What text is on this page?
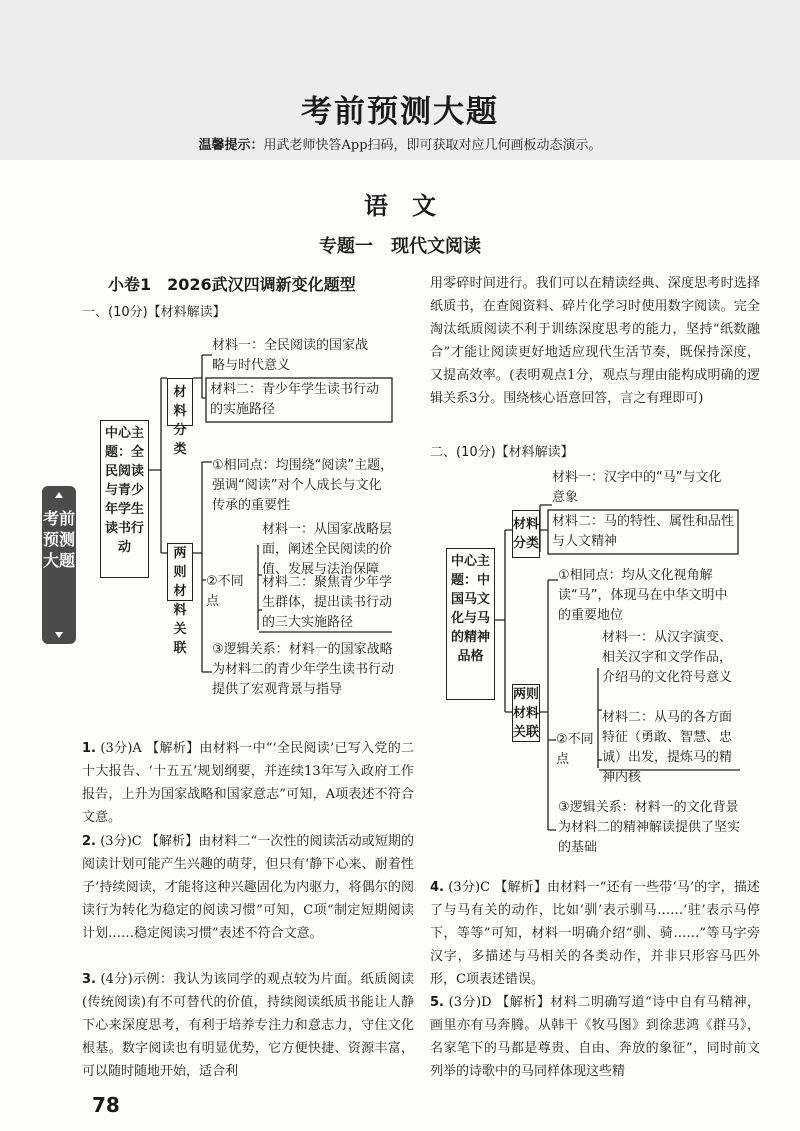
考前预测大题
温馨提示：用武老师快答App扫码，即可获取对应几何画板动态演示。
语　文
专题一　现代文阅读
考前预测大题
小卷1　2026武汉四调新变化题型
一、(10分)【材料解读】
中心主题：全民阅读与青少年学生读书行动
材料分类
两则材料关联
材料一：全民阅读的国家战略与时代意义
材料二：青少年学生读书行动的实施路径
①相同点：均围绕“阅读”主题，强调“阅读”对个人成长与文化传承的重要性
材料一：从国家战略层面，阐述全民阅读的价值、发展与法治保障
②不同点
材料二：聚焦青少年学生群体，提出读书行动的三大实施路径
③逻辑关系：材料一的国家战略为材料二的青少年学生读书行动提供了宏观背景与指导
1. (3分)A 【解析】由材料一中“‘全民阅读’已写入党的二十大报告、‘十五五’规划纲要，并连续13年写入政府工作报告，上升为国家战略和国家意志”可知，A项表述不符合文意。
2. (3分)C 【解析】由材料二“一次性的阅读活动或短期的阅读计划可能产生兴趣的萌芽，但只有‘静下心来、耐着性子’持续阅读，才能将这种兴趣固化为内驱力，将偶尔的阅读行为转化为稳定的阅读习惯”可知，C项“制定短期阅读计划……稳定阅读习惯”表述不符合文意。
3. (4分)示例：我认为该同学的观点较为片面。纸质阅读(传统阅读)有不可替代的价值，持续阅读纸质书能让人静下心来深度思考，有利于培养专注力和意志力，守住文化根基。数字阅读也有明显优势，它方便快捷、资源丰富，可以随时随地开始，适合利
用零碎时间进行。我们可以在精读经典、深度思考时选择纸质书，在查阅资料、碎片化学习时使用数字阅读。完全淘汰纸质阅读不利于训练深度思考的能力，坚持“纸数融合”才能让阅读更好地适应现代生活节奏，既保持深度，又提高效率。(表明观点1分，观点与理由能构成明确的逻辑关系3分。围绕核心语意回答，言之有理即可)
二、(10分)【材料解读】
中心主题：中国马文化与马的精神品格
材料分类
两则材料关联
材料一：汉字中的“马”与文化意象
材料二：马的特性、属性和品性与人文精神
①相同点：均从文化视角解读“马”，体现马在中华文明中的重要地位
材料一：从汉字演变、相关汉字和文学作品，介绍马的文化符号意义
②不同点
材料二：从马的各方面特征（勇敢、智慧、忠诚）出发，提炼马的精神内核
③逻辑关系：材料一的文化背景为材料二的精神解读提供了坚实的基础
4. (3分)C 【解析】由材料一“还有一些带‘马’的字，描述了与马有关的动作，比如‘驯’表示驯马……‘驻’表示马停下，等等”可知，材料一明确介绍“驯、骑……”等马字旁汉字，多描述与马相关的各类动作，并非只形容马匹外形，C项表述错误。
5. (3分)D 【解析】材料二明确写道“诗中自有马精神，画里亦有马奔腾。从韩干《牧马图》到徐悲鸿《群马》，名家笔下的马都是尊贵、自由、奔放的象征”，同时前文列举的诗歌中的马同样体现这些精
78
